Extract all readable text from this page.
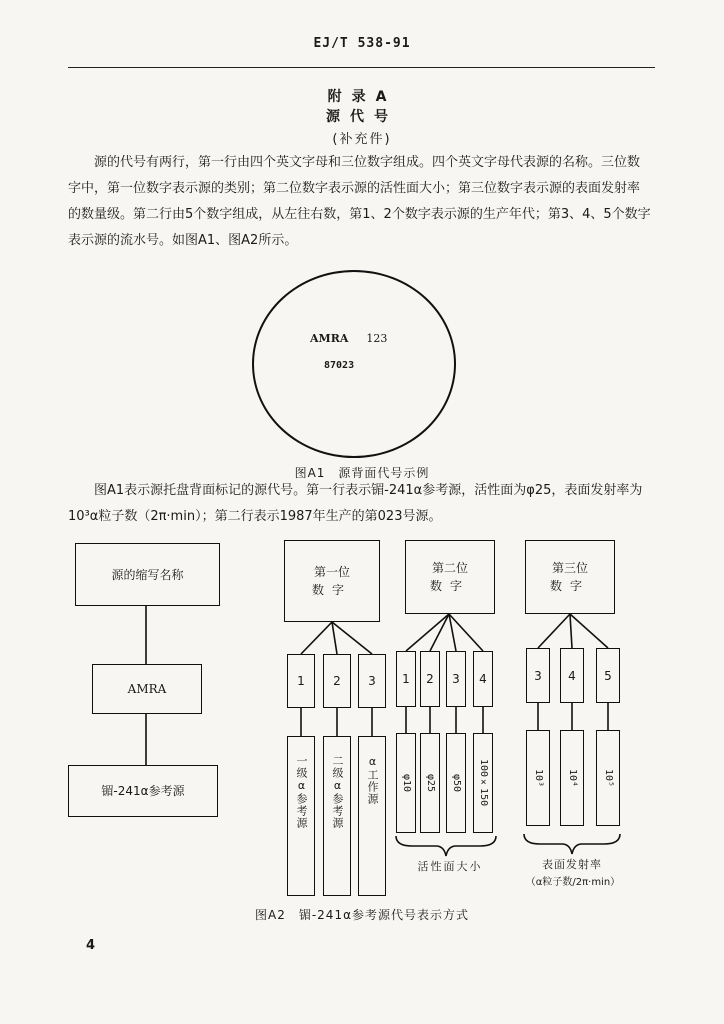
EJ/T 538-91
附录A
源代号
(补充件)
源的代号有两行，第一行由四个英文字母和三位数字组成。四个英文字母代表源的名称。三位数字中，第一位数字表示源的类别；第二位数字表示源的活性面大小；第三位数字表示源的表面发射率的数量级。第二行由5个数字组成，从左往右数，第1、2个数字表示源的生产年代；第3、4、5个数字表示源的流水号。如图A1、图A2所示。
AMRA 123
87023
图A1　源背面代号示例
图A1表示源托盘背面标记的源代号。第一行表示镅-241α参考源，活性面为φ25，表面发射率为10³α粒子数（2π·min）；第二行表示1987年生产的第023号源。
源的缩写名称
AMRA
镅-241α参考源
第一位
数字
1	2	3
一级α参考源	二级α参考源	α工作源
第二位
数字
1	2	3	4
φ10	φ25	φ50	100×150
活性面大小
第三位
数字
3	4	5
10³	10⁴	10⁵
表面发射率
（α粒子数/2π·min）
图A2　镅-241α参考源代号表示方式
4
